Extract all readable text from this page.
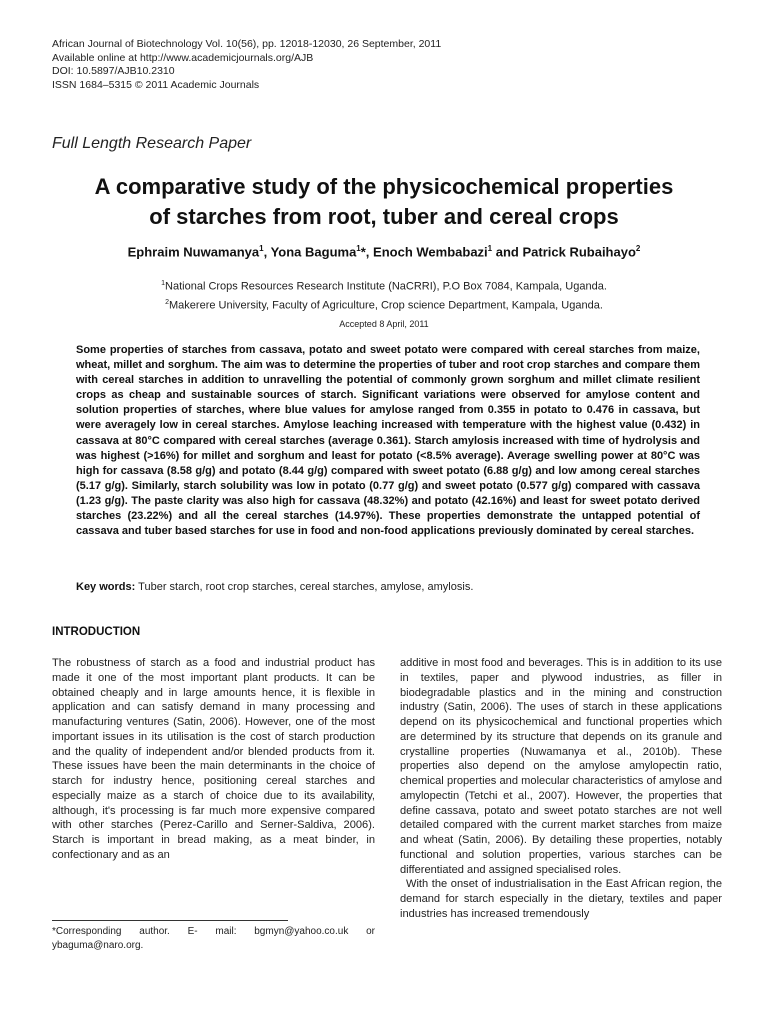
African Journal of Biotechnology Vol. 10(56), pp. 12018-12030, 26 September, 2011
Available online at http://www.academicjournals.org/AJB
DOI: 10.5897/AJB10.2310
ISSN 1684–5315 © 2011 Academic Journals
Full Length Research Paper
A comparative study of the physicochemical properties
of starches from root, tuber and cereal crops
Ephraim Nuwamanya$^1$, Yona Baguma$^1$*, Enoch Wembabazi$^1$ and Patrick Rubaihayo$^2$
$^1$National Crops Resources Research Institute (NaCRRI), P.O Box 7084, Kampala, Uganda.
$^2$Makerere University, Faculty of Agriculture, Crop science Department, Kampala, Uganda.
Accepted 8 April, 2011
Some properties of starches from cassava, potato and sweet potato were compared with cereal starches from maize, wheat, millet and sorghum. The aim was to determine the properties of tuber and root crop starches and compare them with cereal starches in addition to unravelling the potential of commonly grown sorghum and millet climate resilient crops as cheap and sustainable sources of starch. Significant variations were observed for amylose content and solution properties of starches, where blue values for amylose ranged from 0.355 in potato to 0.476 in cassava, but were averagely low in cereal starches. Amylose leaching increased with temperature with the highest value (0.432) in cassava at 80°C compared with cereal starches (average 0.361). Starch amylosis increased with time of hydrolysis and was highest (>16%) for millet and sorghum and least for potato (<8.5% average). Average swelling power at 80°C was high for cassava (8.58 g/g) and potato (8.44 g/g) compared with sweet potato (6.88 g/g) and low among cereal starches (5.17 g/g). Similarly, starch solubility was low in potato (0.77 g/g) and sweet potato (0.577 g/g) compared with cassava (1.23 g/g). The paste clarity was also high for cassava (48.32%) and potato (42.16%) and least for sweet potato derived starches (23.22%) and all the cereal starches (14.97%). These properties demonstrate the untapped potential of cassava and tuber based starches for use in food and non-food applications previously dominated by cereal starches.
Key words: Tuber starch, root crop starches, cereal starches, amylose, amylosis.
INTRODUCTION

The robustness of starch as a food and industrial product has made it one of the most important plant products. It can be obtained cheaply and in large amounts hence, it is flexible in application and can satisfy demand in many processing and manufacturing ventures (Satin, 2006). However, one of the most important issues in its utilisation is the cost of starch production and the quality of independent and/or blended products from it. These issues have been the main determinants in the choice of starch for industry hence, positioning cereal starches and especially maize as a starch of choice due to its availability, although, it's processing is far much more expensive compared with other starches (Perez-Carillo and Serner-Saldiva, 2006). Starch is important in bread making, as a meat binder, in confectionary and as an

additive in most food and beverages. This is in addition to its use in textiles, paper and plywood industries, as filler in biodegradable plastics and in the mining and construction industry (Satin, 2006). The uses of starch in these applications depend on its physicochemical and functional properties which are determined by its structure that depends on its granule and crystalline properties (Nuwamanya et al., 2010b). These properties also depend on the amylose amylopectin ratio, chemical properties and molecular characteristics of amylose and amylopectin (Tetchi et al., 2007). However, the properties that define cassava, potato and sweet potato starches are not well detailed compared with the current market starches from maize and wheat (Satin, 2006). By detailing these properties, notably functional and solution properties, various starches can be differentiated and assigned specialised roles.

With the onset of industrialisation in the East African region, the demand for starch especially in the dietary, textiles and paper industries has increased tremendously

*Corresponding author. E- mail: bgmyn@yahoo.co.uk or ybaguma@naro.org.
